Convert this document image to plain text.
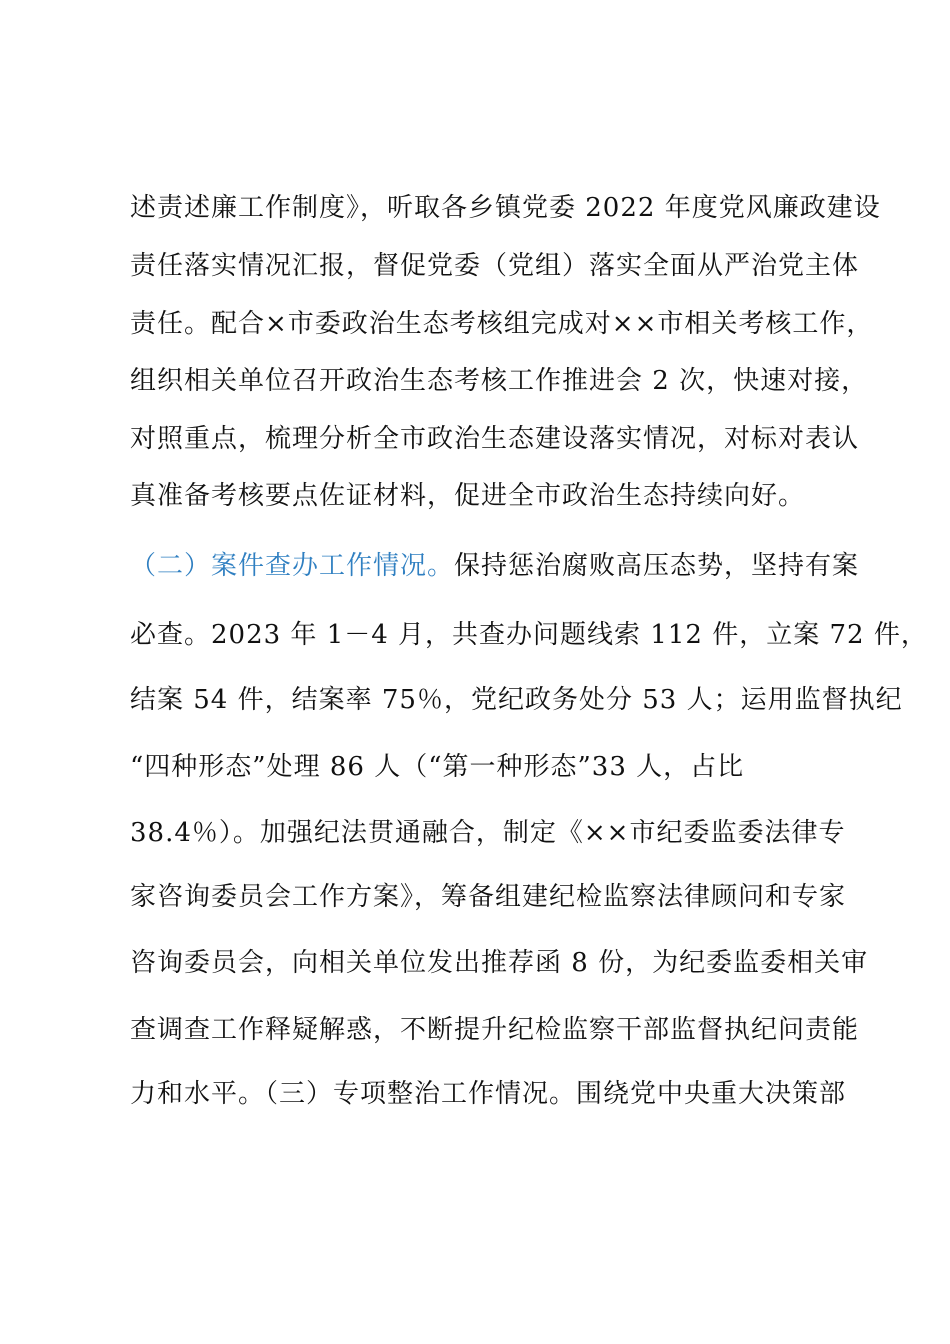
述责述廉工作制度》，听取各乡镇党委 2022 年度党风廉政建设
责任落实情况汇报，督促党委（党组）落实全面从严治党主体
责任。配合×市委政治生态考核组完成对××市相关考核工作，
组织相关单位召开政治生态考核工作推进会 2 次，快速对接，
对照重点，梳理分析全市政治生态建设落实情况，对标对表认
真准备考核要点佐证材料，促进全市政治生态持续向好。
（二）案件查办工作情况。保持惩治腐败高压态势，坚持有案
必查。2023 年 1－4 月，共查办问题线索 112 件，立案 72 件，
结案 54 件，结案率 75％，党纪政务处分 53 人；运用监督执纪
“四种形态”处理 86 人（“第一种形态”33 人，占比
38.4％）。加强纪法贯通融合，制定《××市纪委监委法律专
家咨询委员会工作方案》，筹备组建纪检监察法律顾问和专家
咨询委员会，向相关单位发出推荐函 8 份，为纪委监委相关审
查调查工作释疑解惑，不断提升纪检监察干部监督执纪问责能
力和水平。（三）专项整治工作情况。围绕党中央重大决策部
